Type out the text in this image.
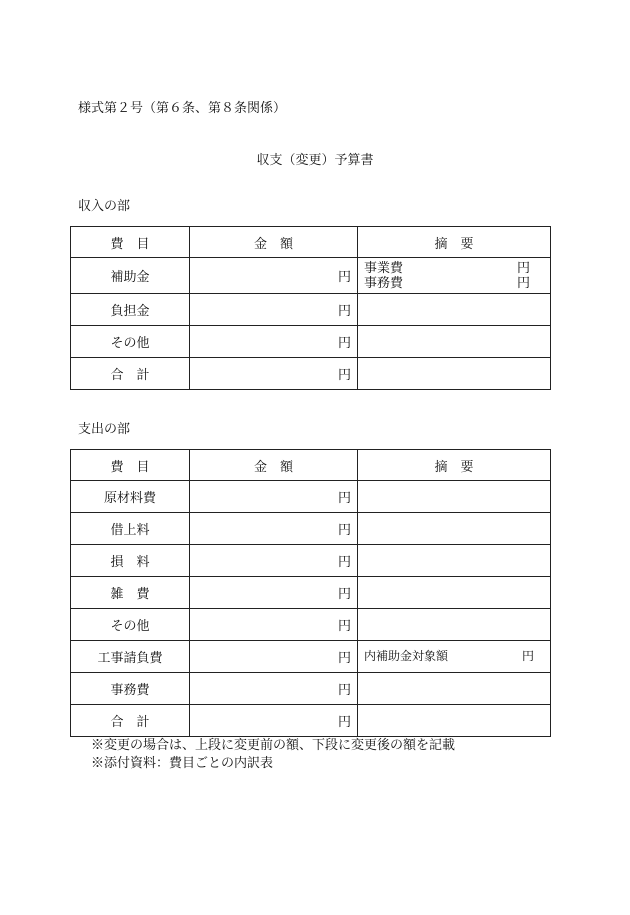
様式第２号（第６条、第８条関係）
収支（変更）予算書
収入の部
費　目	金　額	摘　要
補助金	円	事業費 円
事務費 円

負担金	円	
その他	円	
合　計	円	
支出の部
費　目	金　額	摘　要
原材料費	円	
借上料	円	
損　料	円	
雑　費	円	
その他	円	
工事請負費	円	内補助金対象額 円

事務費	円	
合　計	円	
※変更の場合は、上段に変更前の額、下段に変更後の額を記載
※添付資料：費目ごとの内訳表
